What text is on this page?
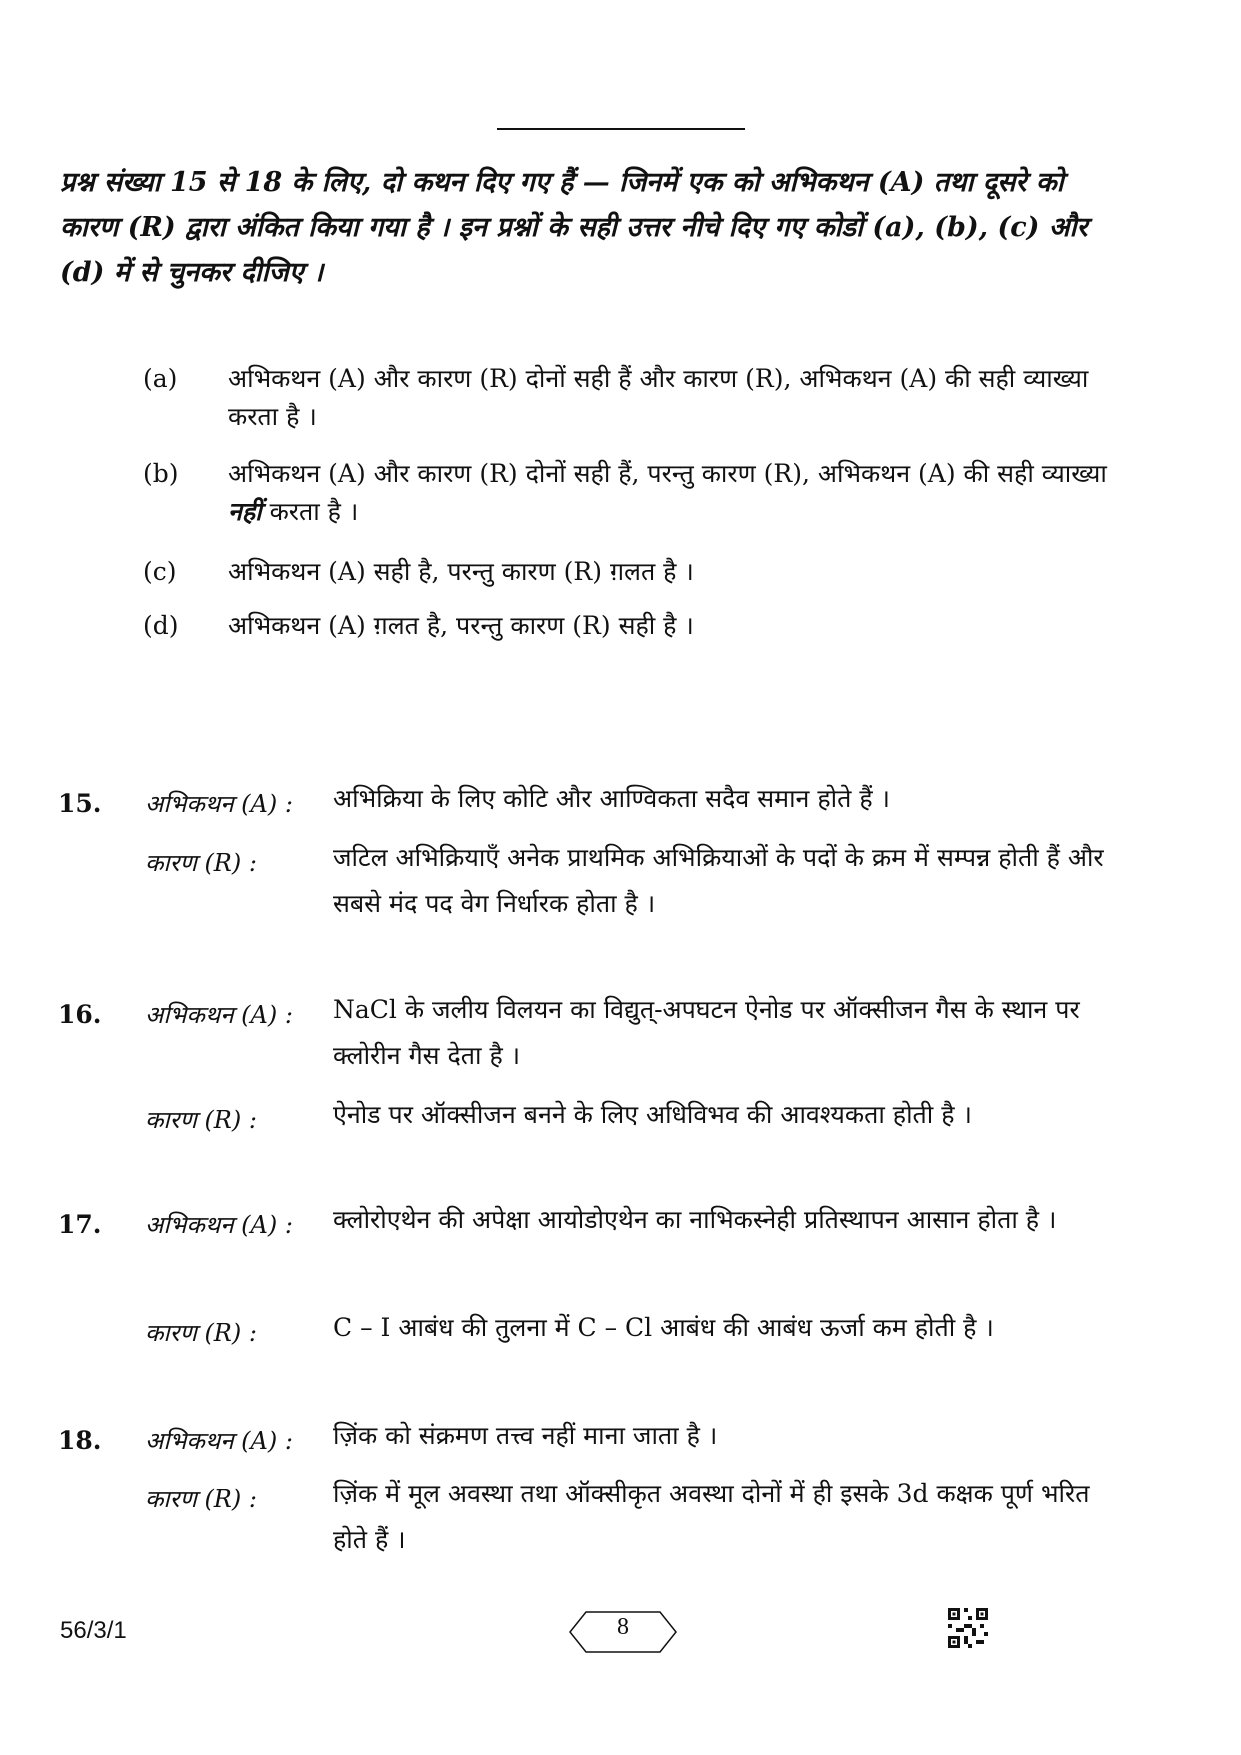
प्रश्न संख्या 15 से 18 के लिए, दो कथन दिए गए हैं — जिनमें एक को अभिकथन (A) तथा दूसरे को कारण (R) द्वारा अंकित किया गया है । इन प्रश्नों के सही उत्तर नीचे दिए गए कोडों (a), (b), (c) और (d) में से चुनकर दीजिए ।
(a) अभिकथन (A) और कारण (R) दोनों सही हैं और कारण (R), अभिकथन (A) की सही व्याख्या करता है ।
(b) अभिकथन (A) और कारण (R) दोनों सही हैं, परन्तु कारण (R), अभिकथन (A) की सही व्याख्या नहीं करता है ।
(c) अभिकथन (A) सही है, परन्तु कारण (R) ग़लत है ।
(d) अभिकथन (A) ग़लत है, परन्तु कारण (R) सही है ।
15. अभिकथन (A) : अभिक्रिया के लिए कोटि और आण्विकता सदैव समान होते हैं ।
कारण (R) :	जटिल अभिक्रियाएँ अनेक प्राथमिक अभिक्रियाओं के पदों के क्रम में सम्पन्न होती हैं और सबसे मंद पद वेग निर्धारक होता है ।
16. अभिकथन (A) : NaCl के जलीय विलयन का विद्युत्-अपघटन ऐनोड पर ऑक्सीजन गैस के स्थान पर क्लोरीन गैस देता है ।
कारण (R) :	ऐनोड पर ऑक्सीजन बनने के लिए अधिविभव की आवश्यकता होती है ।
17. अभिकथन (A) : क्लोरोएथेन की अपेक्षा आयोडोएथेन का नाभिकस्नेही प्रतिस्थापन आसान होता है ।
कारण (R) :	C – I आबंध की तुलना में C – Cl आबंध की आबंध ऊर्जा कम होती है ।
18. अभिकथन (A) : ज़िंक को संक्रमण तत्त्व नहीं माना जाता है ।
कारण (R) :	ज़िंक में मूल अवस्था तथा ऑक्सीकृत अवस्था दोनों में ही इसके 3d कक्षक पूर्ण भरित होते हैं ।
56/3/1	8
